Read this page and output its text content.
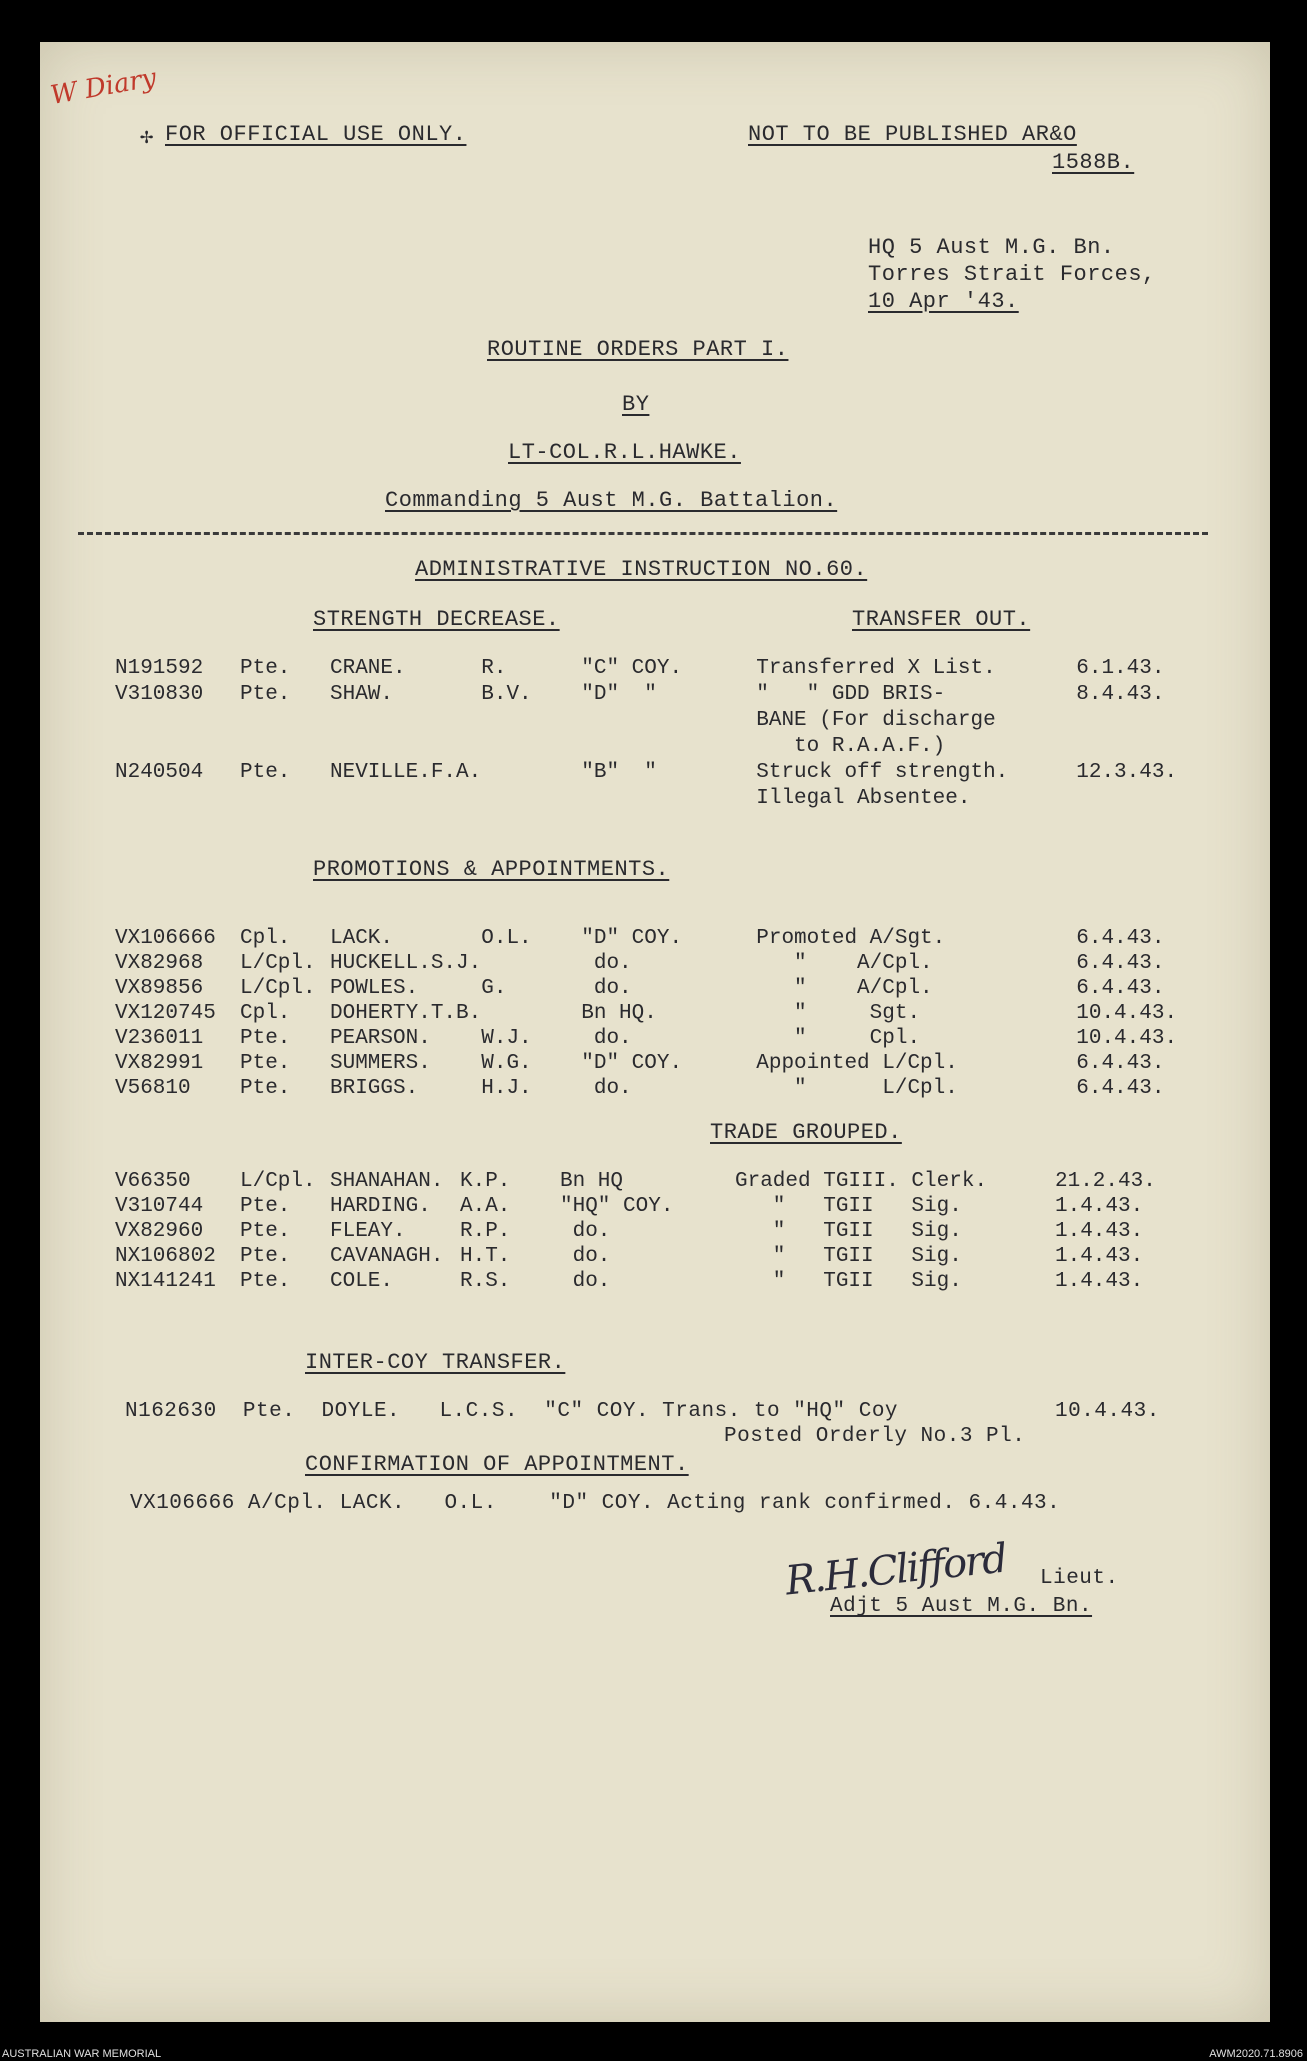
W Diary
✢ FOR OFFICIAL USE ONLY.	NOT TO BE PUBLISHED AR&O
1588B.
HQ 5 Aust M.G. Bn.
Torres Strait Forces,
10 Apr '43.
ROUTINE ORDERS PART I.
BY
LT-COL.R.L.HAWKE.
Commanding 5 Aust M.G. Battalion.
ADMINISTRATIVE INSTRUCTION NO.60.
STRENGTH DECREASE.	TRANSFER OUT.
N191592	Pte.	CRANE.	R.	"C" COY.	Transferred X List.	6.1.43.
V310830	Pte.	SHAW.	B.V.	"D"  "	"   " GDD BRIS-	8.4.43.
					BANE (For discharge	
					to R.A.A.F.)	
N240504	Pte.	NEVILLE.F.A.		"B"  "	Struck off strength.	12.3.43.
					Illegal Absentee.	
PROMOTIONS & APPOINTMENTS.
VX106666	Cpl.	LACK.	O.L.	"D" COY.	Promoted A/Sgt.	6.4.43.
VX82968	L/Cpl.	HUCKELL.S.J.		do.	"    A/Cpl.	6.4.43.
VX89856	L/Cpl.	POWLES.	G.	do.	"    A/Cpl.	6.4.43.
VX120745	Cpl.	DOHERTY.T.B.		Bn HQ.	"     Sgt.	10.4.43.
V236011	Pte.	PEARSON.	W.J.	do.	"     Cpl.	10.4.43.
VX82991	Pte.	SUMMERS.	W.G.	"D" COY.	Appointed L/Cpl.	6.4.43.
V56810	Pte.	BRIGGS.	H.J.	do.	"      L/Cpl.	6.4.43.
TRADE GROUPED.
V66350	L/Cpl.	SHANAHAN.	K.P.	Bn HQ	Graded TGIII. Clerk.	21.2.43.
V310744	Pte.	HARDING.	A.A.	"HQ" COY.	"   TGII   Sig.	1.4.43.
VX82960	Pte.	FLEAY.	R.P.	do.	"   TGII   Sig.	1.4.43.
NX106802	Pte.	CAVANAGH.	H.T.	do.	"   TGII   Sig.	1.4.43.
NX141241	Pte.	COLE.	R.S.	do.	"   TGII   Sig.	1.4.43.
INTER-COY TRANSFER.
N162630  Pte.  DOYLE.   L.C.S.  "C" COY. Trans. to "HQ" Coy	10.4.43.
Posted Orderly No.3 Pl.
CONFIRMATION OF APPOINTMENT.
VX106666 A/Cpl. LACK.   O.L.    "D" COY. Acting rank confirmed. 6.4.43.
R.H.Clifford Lieut.
Adjt 5 Aust M.G. Bn.
AUSTRALIAN WAR MEMORIAL	AWM2020.71.8906
